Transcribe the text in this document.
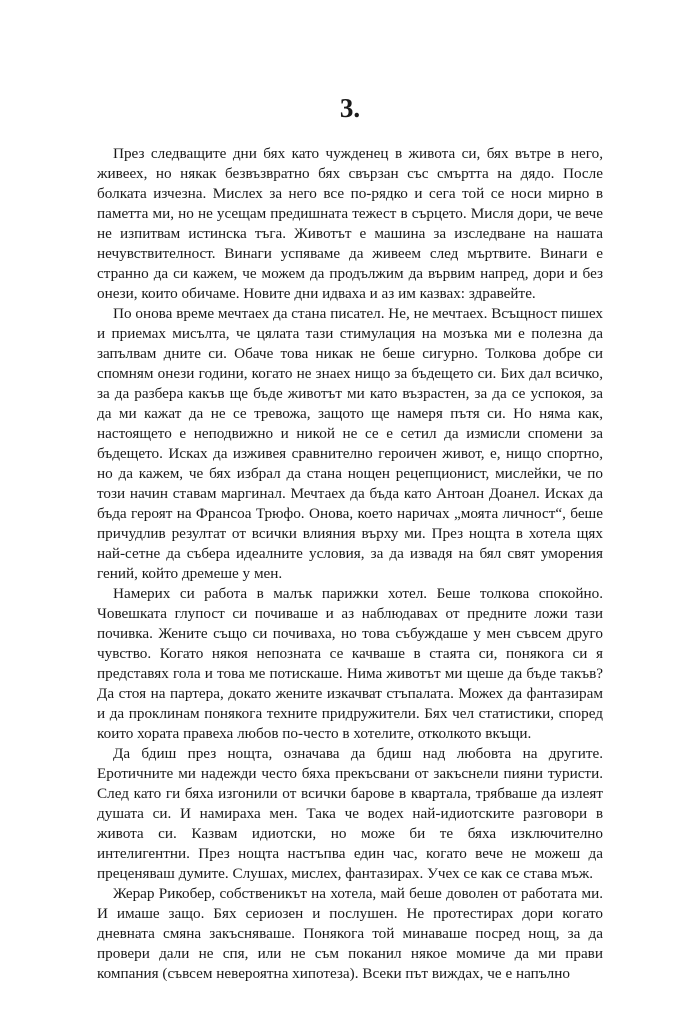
3.

През следващите дни бях като чужденец в живота си, бях вътре в него, живеех, но някак безвъзвратно бях свързан със смъртта на дядо. После болката изчезна. Мислех за него все по-рядко и сега той се носи мирно в паметта ми, но не усещам предишната тежест в сърцето. Мисля дори, че вече не изпитвам истинска тъга. Животът е машина за изследване на нашата нечувствителност. Винаги успяваме да живеем след мъртвите. Винаги е странно да си кажем, че можем да продължим да вървим напред, дори и без онези, които обичаме. Новите дни идваха и аз им казвах: здравейте.

По онова време мечтаех да стана писател. Не, не мечтаех. Всъщност пишех и приемах мисълта, че цялата тази стимулация на мозъка ми е полезна да запълвам дните си. Обаче това никак не беше сигурно. Толкова добре си спомням онези години, когато не знаех нищо за бъдещето си. Бих дал всичко, за да разбера какъв ще бъде животът ми като възрастен, за да се успокоя, за да ми кажат да не се тревожа, защото ще намеря пътя си. Но няма как, настоящето е неподвижно и никой не се е сетил да измисли спомени за бъдещето. Исках да изживея сравнително героичен живот, е, нищо спортно, но да кажем, че бях избрал да стана нощен рецепционист, мислейки, че по този начин ставам маргинал. Мечтаех да бъда като Антоан Доанел. Исках да бъда героят на Франсоа Трюфо. Онова, което наричах „моята личност“, беше причудлив резултат от всички влияния върху ми. През нощта в хотела щях най-сетне да събера идеалните условия, за да извадя на бял свят уморения гений, който дремеше у мен.

Намерих си работа в малък парижки хотел. Беше толкова спокойно. Човешката глупост си почиваше и аз наблюдавах от предните ложи тази почивка. Жените също си почиваха, но това събуждаше у мен съвсем друго чувство. Когато някоя непозната се качваше в стаята си, понякога си я представях гола и това ме потискаше. Нима животът ми щеше да бъде такъв? Да стоя на партера, докато жените изкачват стъпалата. Можех да фантазирам и да проклинам понякога техните придружители. Бях чел статистики, според които хората правеха любов по-често в хотелите, отколкото вкъщи.

Да бдиш през нощта, означава да бдиш над любовта на другите. Еротичните ми надежди често бяха прекъсвани от закъснели пияни туристи. След като ги бяха изгонили от всички барове в квартала, трябваше да излеят душата си. И намираха мен. Така че водех най-идиотските разговори в живота си. Казвам идиотски, но може би те бяха изключително интелигентни. През нощта настъпва един час, когато вече не можеш да преценяваш думите. Слушах, мислех, фантазирах. Учех се как се става мъж.

Жерар Рикобер, собственикът на хотела, май беше доволен от работата ми. И имаше защо. Бях сериозен и послушен. Не протестирах дори когато дневната смяна закъсняваше. Понякога той минаваше посред нощ, за да провери дали не спя, или не съм поканил някое момиче да ми прави компания (съвсем невероятна хипотеза). Всеки път виждах, че е напълно
